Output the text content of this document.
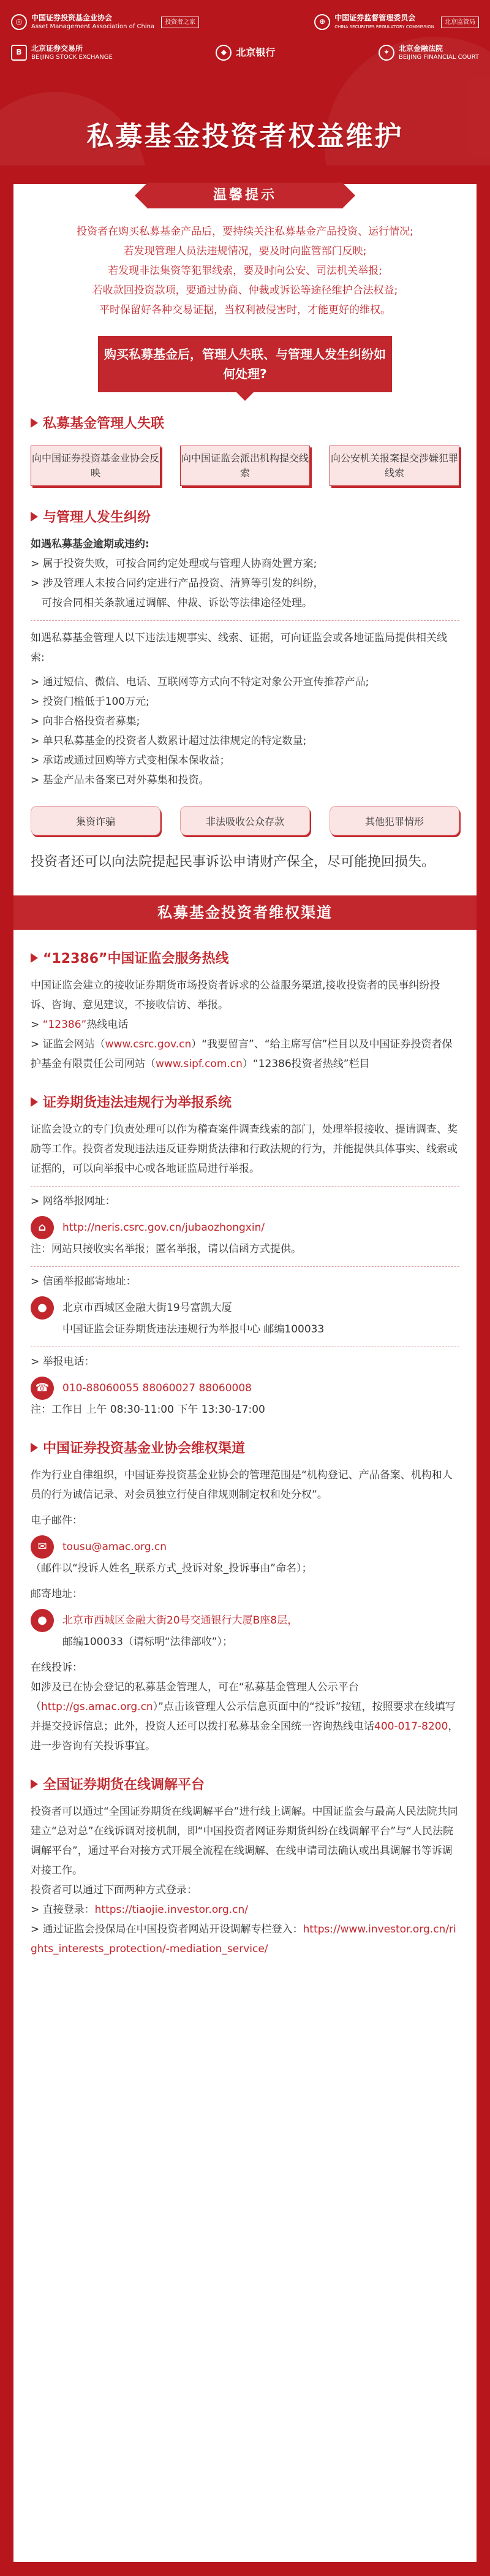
◎	中国证券投资基金业协会
Asset Management Association of China
投资者之家	⊕	中国证券监督管理委员会
CHINA SECURITIES REGULATORY COMMISSION
北京监管局
B	北京证券交易所
BEIJING STOCK EXCHANGE
◆ 北京银行	✦	北京金融法院
BEIJING FINANCIAL COURT
私募基金投资者权益维护
温馨提示

投资者在购买私募基金产品后，要持续关注私募基金产品投资、运行情况;

若发现管理人员法违规情况，要及时向监管部门反映;

若发现非法集资等犯罪线索，要及时向公安、司法机关举报;

若收款回投资款项，要通过协商、仲裁或诉讼等途径维护合法权益;

平时保留好各种交易证据，当权利被侵害时，才能更好的维权。

购买私募基金后，管理人失联、与管理人发生纠纷如何处理?
私募基金管理人失联
向中国证券投资基金业协会反映
向中国证监会派出机构提交线索
向公安机关报案提交涉嫌犯罪线索
与管理人发生纠纷

如遇私募基金逾期或违约:

> 属于投资失败，可按合同约定处理或与管理人协商处置方案;

> 涉及管理人未按合同约定进行产品投资、清算等引发的纠纷，

可按合同相关条款通过调解、仲裁、诉讼等法律途径处理。

如遇私募基金管理人以下违法违规事实、线索、证据，可向证监会或各地证监局提供相关线索:

> 通过短信、微信、电话、互联网等方式向不特定对象公开宣传推荐产品;

> 投资门槛低于100万元;

> 向非合格投资者募集;

> 单只私募基金的投资者人数累计超过法律规定的特定数量;

> 承诺或通过回购等方式变相保本保收益；

> 基金产品未备案已对外募集和投资。

集资诈骗	非法吸收公众存款	其他犯罪情形
投资者还可以向法院提起民事诉讼申请财产保全，尽可能挽回损失。
私募基金投资者维权渠道
“12386”中国证监会服务热线

中国证监会建立的接收证券期货市场投资者诉求的公益服务渠道,接收投资者的民事纠纷投诉、咨询、意见建议，不接收信访、举报。

> “12386”热线电话

> 证监会网站（www.csrc.gov.cn）“我要留言”、“给主席写信”栏目以及中国证券投资者保护基金有限责任公司网站（www.sipf.com.cn）“12386投资者热线”栏目

证券期货违法违规行为举报系统

证监会设立的专门负责处理可以作为稽查案件调查线索的部门，处理举报接收、提请调查、奖励等工作。投资者发现违法违反证券期货法律和行政法规的行为，并能提供具体事实、线索或证据的，可以向举报中心或各地证监局进行举报。

> 网络举报网址：

⌂	http://neris.csrc.gov.cn/jubaozhongxin/

注：网站只接收实名举报；匿名举报，请以信函方式提供。

> 信函举报邮寄地址：

●	北京市西城区金融大街19号富凯大厦

中国证监会证券期货违法违规行为举报中心 邮编100033

> 举报电话：

☎	010-88060055 88060027 88060008

注：工作日 上午 08:30-11:00 下午 13:30-17:00

中国证券投资基金业协会维权渠道

作为行业自律组织，中国证券投资基金业协会的管理范围是“机构登记、产品备案、机构和人员的行为诚信记录、对会员独立行使自律规则制定权和处分权”。

电子邮件：

✉	tousu@amac.org.cn

（邮件以“投诉人姓名_联系方式_投诉对象_投诉事由”命名）；

邮寄地址：

●	北京市西城区金融大街20号交通银行大厦B座8层，

邮编100033（请标明“法律部收”）；

在线投诉：

如涉及已在协会登记的私募基金管理人，可在“私募基金管理人公示平台（http://gs.amac.org.cn）”点击该管理人公示信息页面中的“投诉”按钮，按照要求在线填写并提交投诉信息；此外，投资人还可以拨打私募基金全国统一咨询热线电话400-017-8200，进一步咨询有关投诉事宜。

全国证券期货在线调解平台

投资者可以通过“全国证券期货在线调解平台”进行线上调解。中国证监会与最高人民法院共同建立“总对总”在线诉调对接机制，即“中国投资者网证券期货纠纷在线调解平台”与“人民法院调解平台”，通过平台对接方式开展全流程在线调解、在线申请司法确认或出具调解书等诉调对接工作。

投资者可以通过下面两种方式登录：

> 直接登录：https://tiaojie.investor.org.cn/

> 通过证监会投保局在中国投资者网站开设调解专栏登入：https://www.investor.org.cn/rights_interests_protection/-mediation_service/
